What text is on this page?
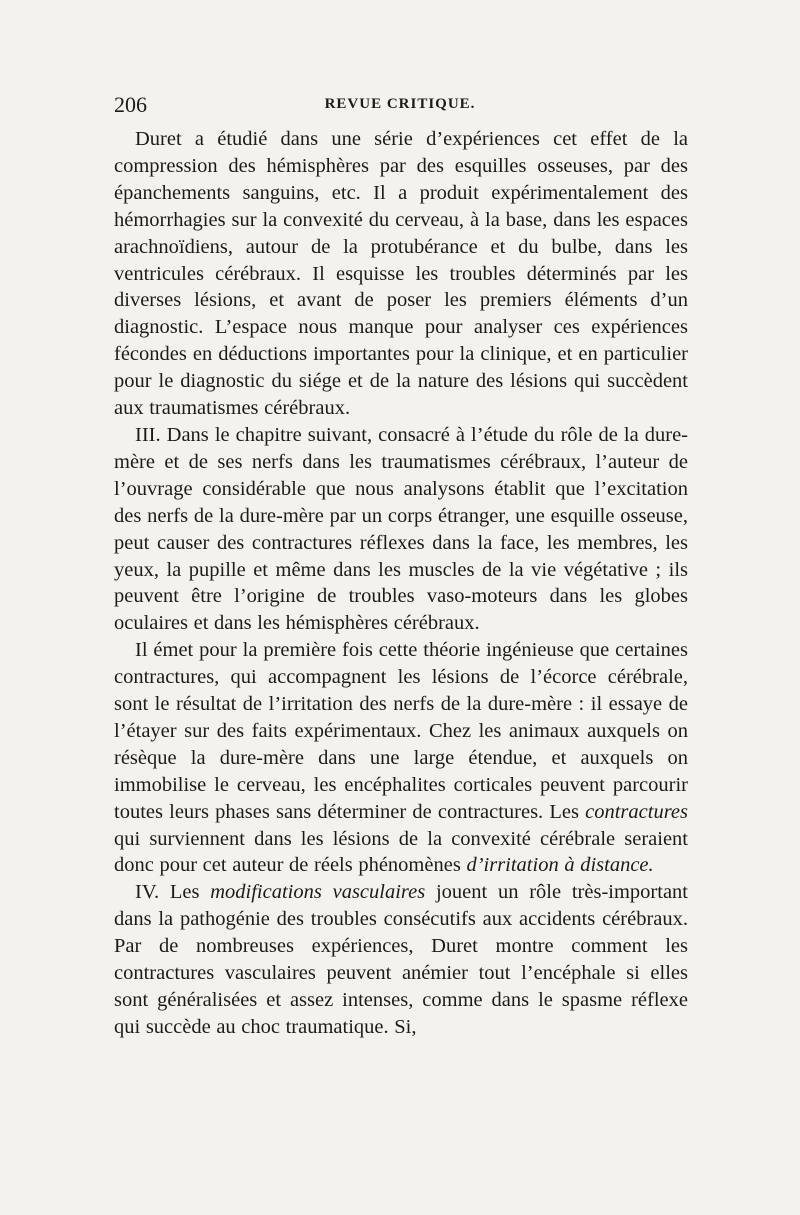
206	REVUE CRITIQUE.

Duret a étudié dans une série d’expériences cet effet de la compression des hémisphères par des esquilles osseuses, par des épanchements sanguins, etc. Il a produit expérimentalement des hémorrhagies sur la convexité du cerveau, à la base, dans les espaces arachnoïdiens, autour de la protubérance et du bulbe, dans les ventricules cérébraux. Il esquisse les troubles déterminés par les diverses lésions, et avant de poser les premiers éléments d’un diagnostic. L’espace nous manque pour analyser ces expériences fécondes en déductions importantes pour la clinique, et en particulier pour le diagnostic du siége et de la nature des lésions qui succèdent aux traumatismes cérébraux.

III. Dans le chapitre suivant, consacré à l’étude du rôle de la dure-mère et de ses nerfs dans les traumatismes cérébraux, l’auteur de l’ouvrage considérable que nous analysons établit que l’excitation des nerfs de la dure-mère par un corps étranger, une esquille osseuse, peut causer des contractures réflexes dans la face, les membres, les yeux, la pupille et même dans les muscles de la vie végétative ; ils peuvent être l’origine de troubles vaso-moteurs dans les globes oculaires et dans les hémisphères cérébraux.

Il émet pour la première fois cette théorie ingénieuse que certaines contractures, qui accompagnent les lésions de l’écorce cérébrale, sont le résultat de l’irritation des nerfs de la dure-mère : il essaye de l’étayer sur des faits expérimentaux. Chez les animaux auxquels on résèque la dure-mère dans une large étendue, et auxquels on immobilise le cerveau, les encéphalites corticales peuvent parcourir toutes leurs phases sans déterminer de contractures. Les contractures qui surviennent dans les lésions de la convexité cérébrale seraient donc pour cet auteur de réels phénomènes d’irritation à distance.

IV. Les modifications vasculaires jouent un rôle très-important dans la pathogénie des troubles consécutifs aux accidents cérébraux. Par de nombreuses expériences, Duret montre comment les contractures vasculaires peuvent anémier tout l’encéphale si elles sont généralisées et assez intenses, comme dans le spasme réflexe qui succède au choc traumatique. Si,
